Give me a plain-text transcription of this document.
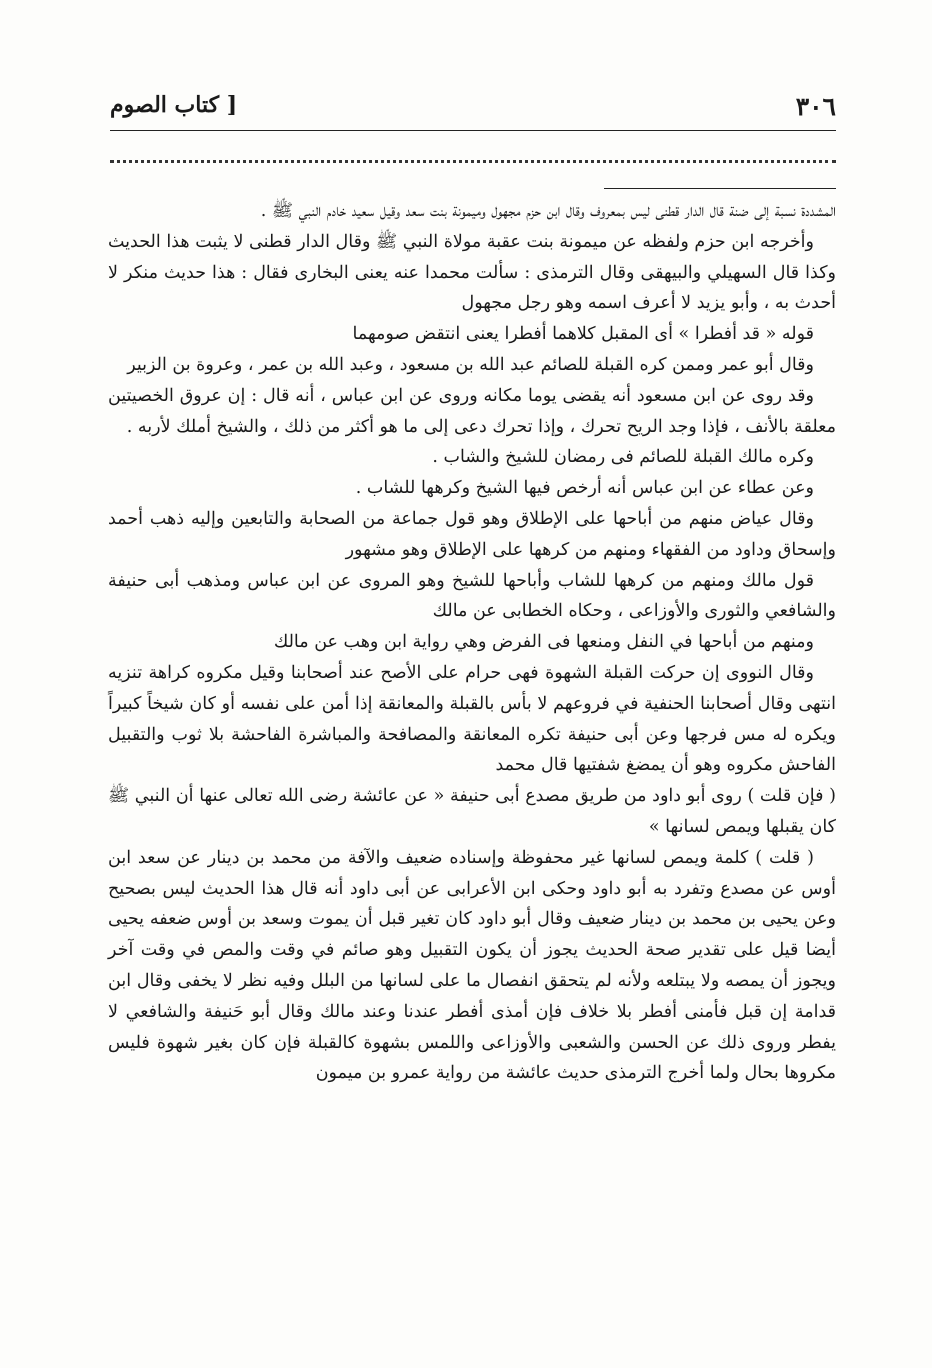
٣٠٦
[ كتاب الصوم

المشددة نسبة إلى ضنة قال الدار قطنى ليس بمعروف وقال ابن حزم مجهول وميمونة بنت سعد وقيل سعيد خادم النبي ﷺ .

وأخرجه ابن حزم ولفظه عن ميمونة بنت عقبة مولاة النبي ﷺ وقال الدار قطنى لا يثبت هذا الحديث وكذا قال السهيلي والبيهقى وقال الترمذى : سألت محمدا عنه يعنى البخارى فقال : هذا حديث منكر لا أحدث به ، وأبو يزيد لا أعرف اسمه وهو رجل مجهول

قوله « قد أفطرا » أى المقبل كلاهما أفطرا يعنى انتقض صومهما

وقال أبو عمر وممن كره القبلة للصائم عبد الله بن مسعود ، وعبد الله بن عمر ، وعروة بن الزبير

وقد روى عن ابن مسعود أنه يقضى يوما مكانه وروى عن ابن عباس ، أنه قال : إن عروق الخصيتين معلقة بالأنف ، فإذا وجد الريح تحرك ، وإذا تحرك دعى إلى ما هو أكثر من ذلك ، والشيخ أملك لأربه .

وكره مالك القبلة للصائم فى رمضان للشيخ والشاب .

وعن عطاء عن ابن عباس أنه أرخص فيها الشيخ وكرهها للشاب .

وقال عياض منهم من أباحها على الإطلاق وهو قول جماعة من الصحابة والتابعين وإليه ذهب أحمد وإسحاق وداود من الفقهاء ومنهم من كرهها على الإطلاق وهو مشهور

قول مالك ومنهم من كرهها للشاب وأباحها للشيخ وهو المروى عن ابن عباس ومذهب أبى حنيفة والشافعي والثورى والأوزاعى ، وحكاه الخطابى عن مالك

ومنهم من أباحها في النفل ومنعها فى الفرض وهي رواية ابن وهب عن مالك

وقال النووى إن حركت القبلة الشهوة فهى حرام على الأصح عند أصحابنا وقيل مكروه كراهة تنزيه انتهى وقال أصحابنا الحنفية في فروعهم لا بأس بالقبلة والمعانقة إذا أمن على نفسه أو كان شيخاً كبيراً ويكره له مس فرجها وعن أبى حنيفة تكره المعانقة والمصافحة والمباشرة الفاحشة بلا ثوب والتقبيل الفاحش مكروه وهو أن يمضغ شفتيها قال محمد

( فإن قلت ) روى أبو داود من طريق مصدع أبى حنيفة « عن عائشة رضى الله تعالى عنها أن النبي ﷺ كان يقبلها ويمص لسانها »

( قلت ) كلمة ويمص لسانها غير محفوظة وإسناده ضعيف والآفة من محمد بن دينار عن سعد ابن أوس عن مصدع وتفرد به أبو داود وحكى ابن الأعرابى عن أبى داود أنه قال هذا الحديث ليس بصحيح وعن يحيى بن محمد بن دينار ضعيف وقال أبو داود كان تغير قبل أن يموت وسعد بن أوس ضعفه يحيى أيضا قيل على تقدير صحة الحديث يجوز أن يكون التقبيل وهو صائم في وقت والمص في وقت آخر ويجوز أن يمصه ولا يبتلعه ولأنه لم يتحقق انفصال ما على لسانها من البلل وفيه نظر لا يخفى وقال ابن قدامة إن قبل فأمنى أفطر بلا خلاف فإن أمذى أفطر عندنا وعند مالك وقال أبو حَنيفة والشافعي لا يفطر وروى ذلك عن الحسن والشعبى والأوزاعى واللمس بشهوة كالقبلة فإن كان بغير شهوة فليس مكروها بحال ولما أخرج الترمذى حديث عائشة من رواية عمرو بن ميمون
